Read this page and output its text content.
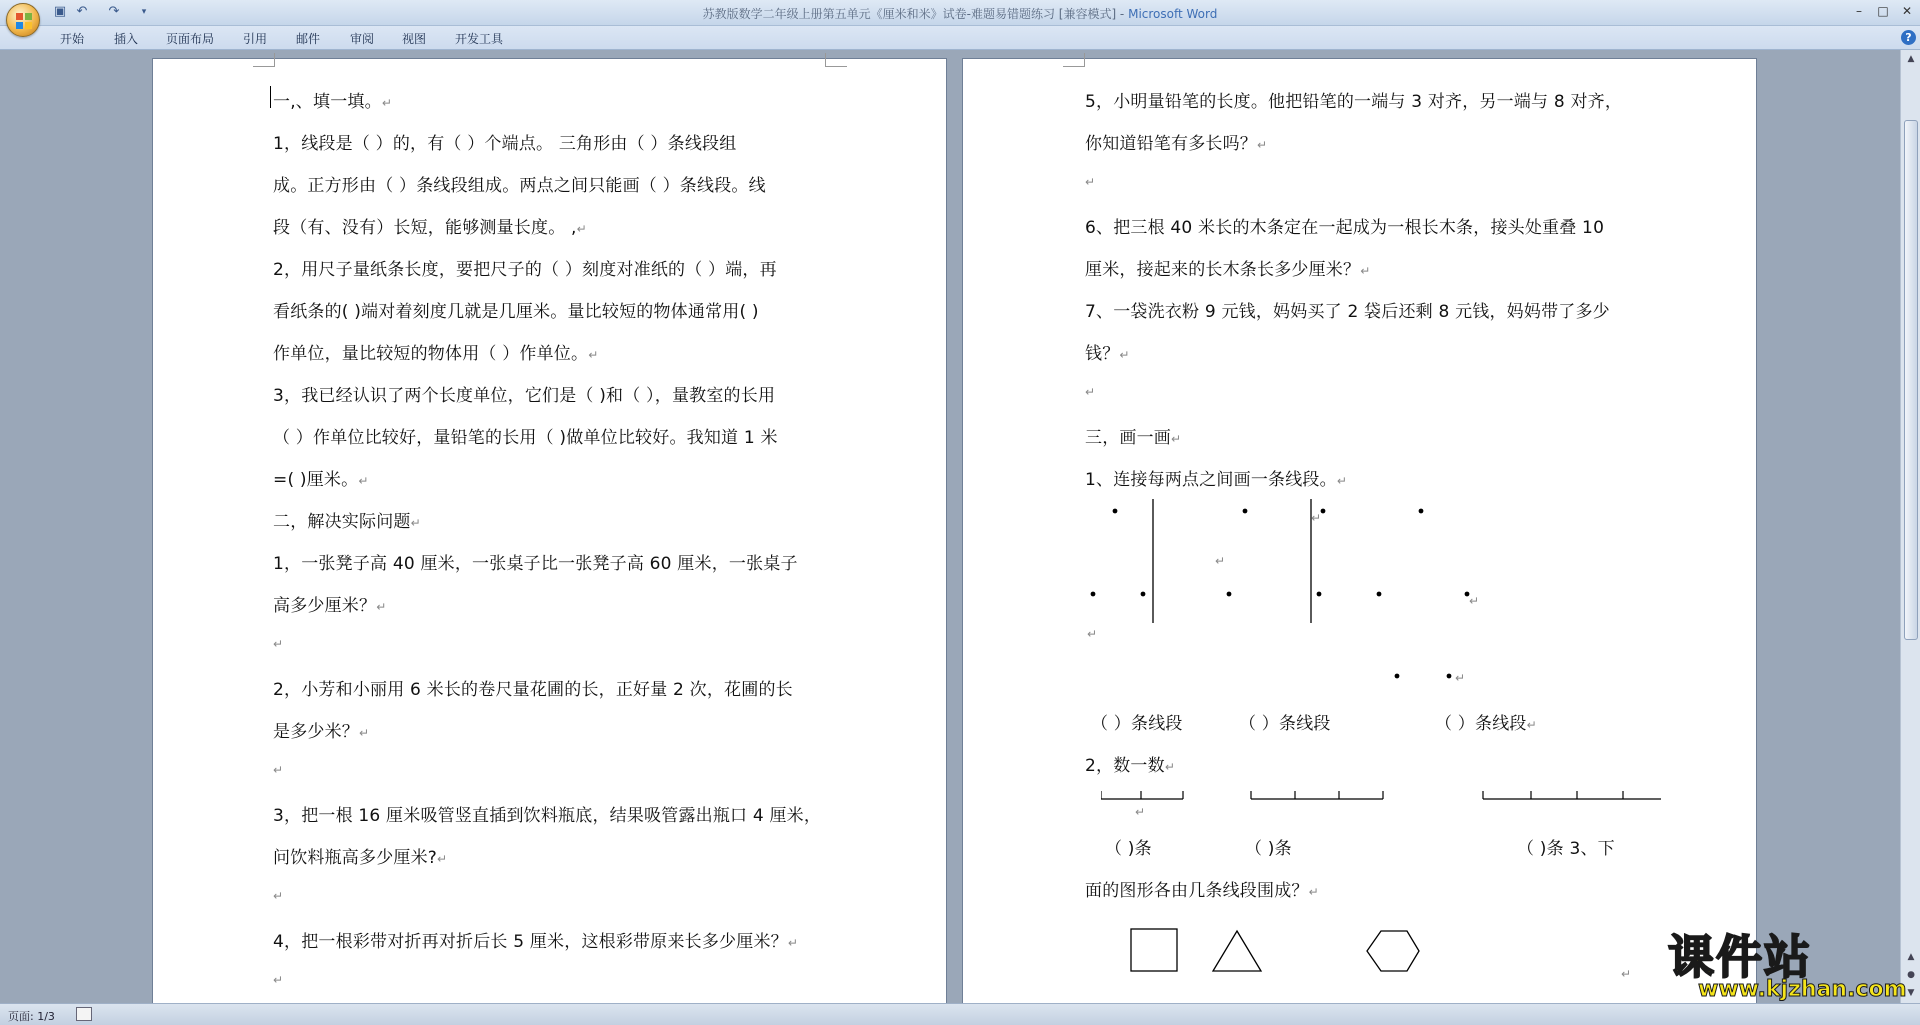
▣ ↶ ↷	▾	苏教版数学二年级上册第五单元《厘米和米》试卷-难题易错题练习 [兼容模式] - Microsoft Word	–	□	✕
开始 插入 页面布局 引用 邮件 审阅 视图 开发工具	?
一,、填一填。↵
1，线段是（ ）的，有（ ）个端点。 三角形由（ ）条线段组
成。正方形由（ ）条线段组成。两点之间只能画（ ）条线段。线
段（有、没有）长短，能够测量长度。 ,↵
2，用尺子量纸条长度，要把尺子的（ ）刻度对准纸的（ ）端，再
看纸条的( )端对着刻度几就是几厘米。量比较短的物体通常用( )
作单位，量比较短的物体用（ ）作单位。↵
3，我已经认识了两个长度单位，它们是（ )和（ ），量教室的长用
（ ）作单位比较好，量铅笔的长用（ )做单位比较好。我知道 1 米
=( )厘米。↵
二，解决实际问题↵
1，一张凳子高 40 厘米，一张桌子比一张凳子高 60 厘米，一张桌子
高多少厘米？↵
↵
2，小芳和小丽用 6 米长的卷尺量花圃的长，正好量 2 次，花圃的长
是多少米？↵
↵
3，把一根 16 厘米吸管竖直插到饮料瓶底，结果吸管露出瓶口 4 厘米，
问饮料瓶高多少厘米?↵
↵
4，把一根彩带对折再对折后长 5 厘米，这根彩带原来长多少厘米？↵
↵
5，小明量铅笔的长度。他把铅笔的一端与 3 对齐，另一端与 8 对齐，
你知道铅笔有多长吗？↵
↵
6、把三根 40 米长的木条定在一起成为一根长木条，接头处重叠 10
厘米，接起来的长木条长多少厘米？↵
7、一袋洗衣粉 9 元钱，妈妈买了 2 袋后还剩 8 元钱，妈妈带了多少
钱？↵
↵
三，画一画↵
1、连接每两点之间画一条线段。↵
↵
↵
↵
↵
↵
（ ）条线段	（ ）条线段	（ ）条线段↵
2，数一数↵
↵
（ )条	（ )条	（ )条 3、下
面的图形各由几条线段围成？↵
↵
▲
▲
●
▼
页面: 1/3
课件站
www.kjzhan.com
